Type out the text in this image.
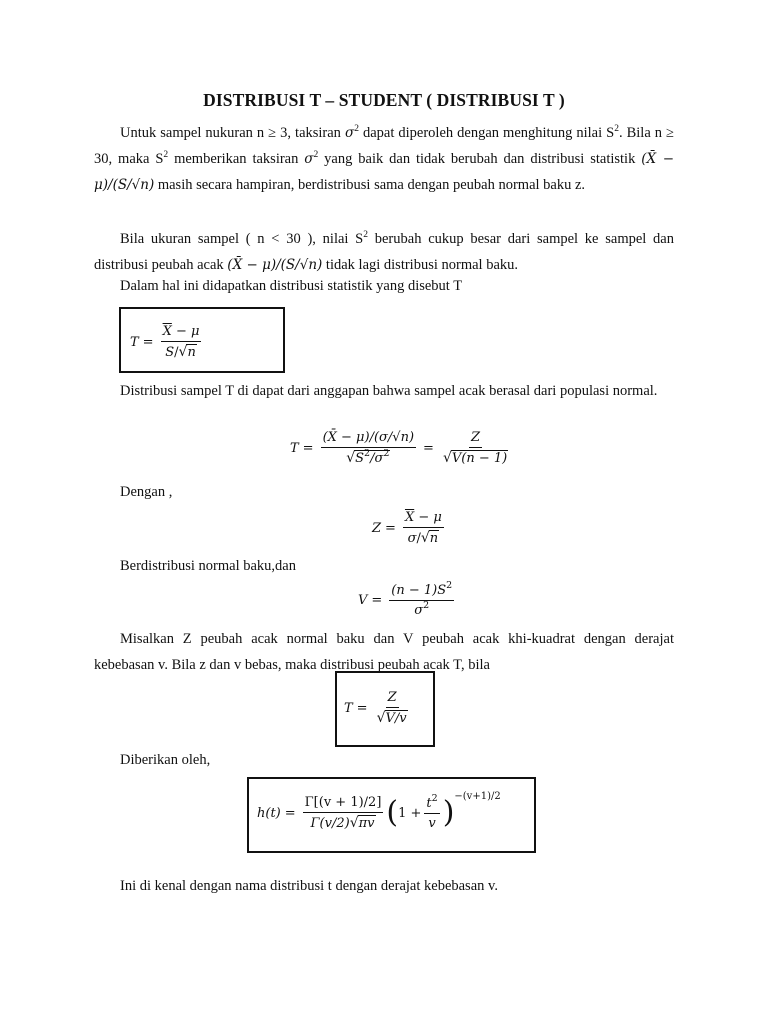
DISTRIBUSI T – STUDENT ( DISTRIBUSI T )
Untuk sampel nukuran n ≥ 3, taksiran $\sigma^2$ dapat diperoleh dengan menghitung nilai $S^2$. Bila n ≥ 30, maka $S^2$ memberikan taksiran $\sigma^2$ yang baik dan tidak berubah dan distribusi statistik (X̄ − μ)/(S/√n) masih secara hampiran, berdistribusi sama dengan peubah normal baku z.
Bila ukuran sampel ( n < 30 ), nilai $S^2$ berubah cukup besar dari sampel ke sampel dan distribusi peubah acak (X̄ − μ)/(S/√n) tidak lagi distribusi normal baku.
Dalam hal ini didapatkan distribusi statistik yang disebut T
$T = \frac{\overline{X} - \mu}{S/ √ n}$
Distribusi sampel T di dapat dari anggapan bahwa sampel acak berasal dari populasi normal.
$T = \frac{(X̄ - \mu)/(\sigma/√n)}{√ S^2/\sigma^2} = \frac{Z}{√ V(n - 1)}$
Dengan ,
$Z = \frac{\overline{X} - \mu}{\sigma/ √ n}$
Berdistribusi normal baku,dan
$V = \frac{(n - 1)S^2}{\sigma^2}$
Misalkan Z peubah acak normal baku dan V peubah acak khi-kuadrat dengan derajat kebebasan v. Bila z dan v bebas, maka distribusi peubah acak T, bila
$T = \frac{Z}{√ V/v}$
Diberikan oleh,
$h(t) = \frac{\Gamma[(v + 1)/2]}{\Gamma(v/2) √ \pi v}$ ( $1 + \frac{t^2}{v}$ ) −(v+1)/2
Ini di kenal dengan nama distribusi t dengan derajat kebebasan v.
